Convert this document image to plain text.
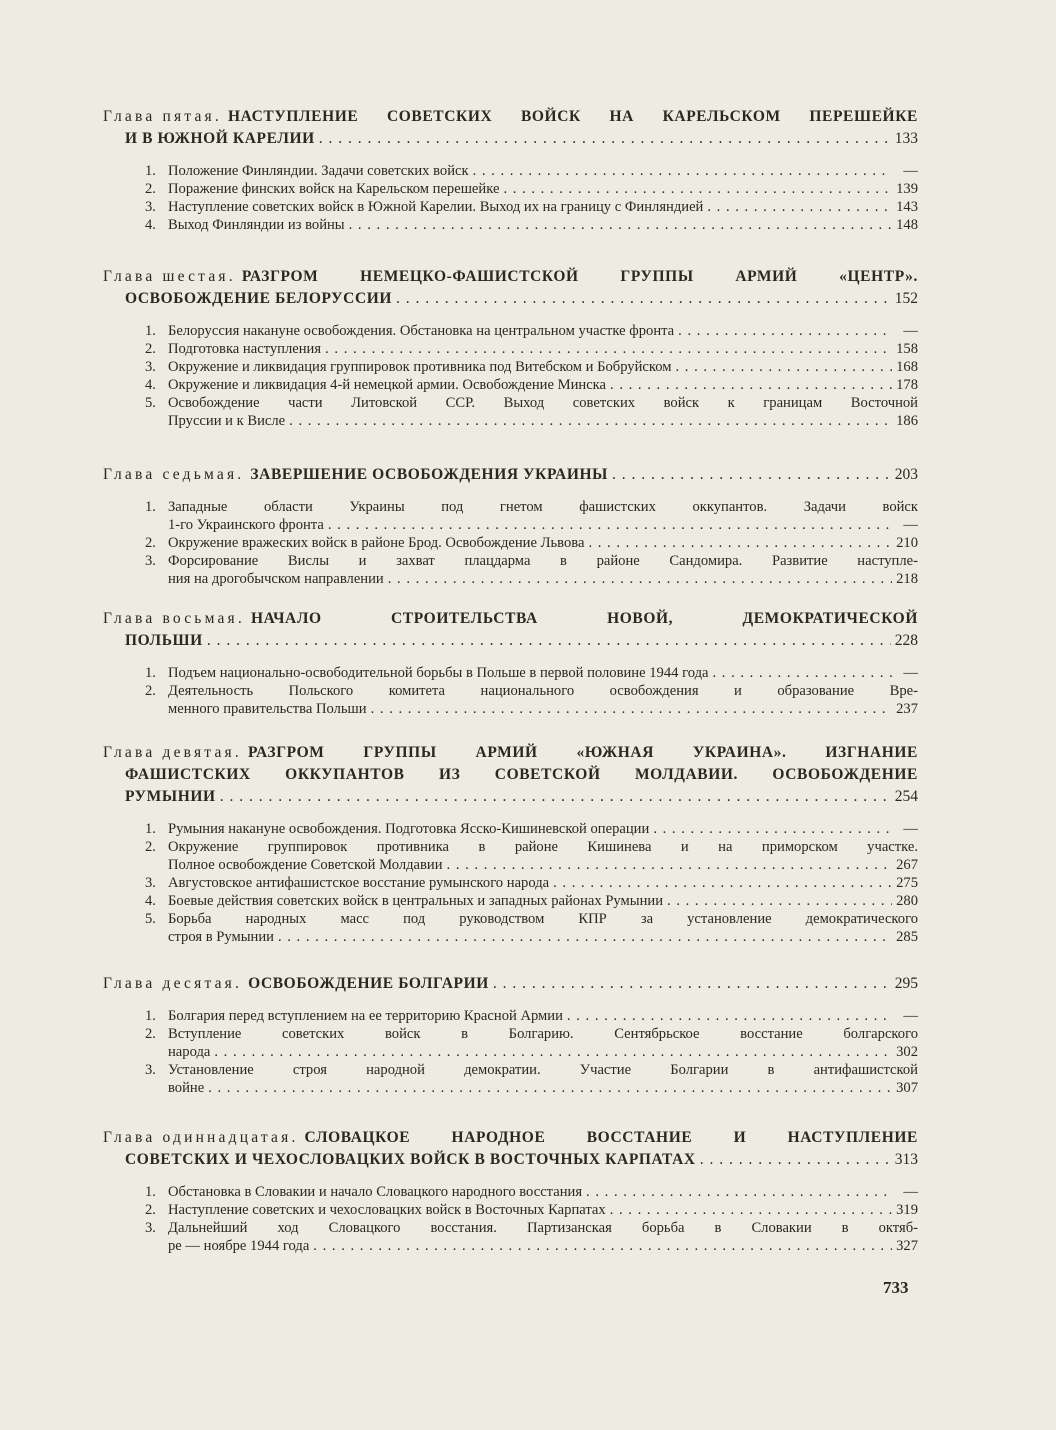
Глава пятая. НАСТУПЛЕНИЕ СОВЕТСКИХ ВОЙСК НА КАРЕЛЬСКОМ ПЕРЕШЕЙКЕ
И В ЮЖНОЙ КАРЕЛИИ . . .	133
1. Положение Финляндии. Задачи советских войск . . .	—
2. Поражение финских войск на Карельском перешейке . . .	139
3. Наступление советских войск в Южной Карелии. Выход их на границу с Финляндией . . .	143
4. Выход Финляндии из войны . . .	148
Глава шестая. РАЗГРОМ НЕМЕЦКО-ФАШИСТСКОЙ ГРУППЫ АРМИЙ «ЦЕНТР».
ОСВОБОЖДЕНИЕ БЕЛОРУССИИ . . .	152
1. Белоруссия накануне освобождения. Обстановка на центральном участке фронта . . .	—
2. Подготовка наступления . . .	158
3. Окружение и ликвидация группировок противника под Витебском и Бобруйском . . .	168
4. Окружение и ликвидация 4-й немецкой армии. Освобождение Минска . . .	178
5. Освобождение части Литовской ССР. Выход советских войск к границам Восточной
Пруссии и к Висле . . .	186
Глава седьмая. ЗАВЕРШЕНИЕ ОСВОБОЖДЕНИЯ УКРАИНЫ . . .	203
1. Западные области Украины под гнетом фашистских оккупантов. Задачи войск
1-го Украинского фронта . . .	—
2. Окружение вражеских войск в районе Брод. Освобождение Львова . . .	210
3. Форсирование Вислы и захват плацдарма в районе Сандомира. Развитие наступле-
ния на дрогобычском направлении . . .	218
Глава восьмая. НАЧАЛО СТРОИТЕЛЬСТВА НОВОЙ, ДЕМОКРАТИЧЕСКОЙ
ПОЛЬШИ . . .	228
1. Подъем национально-освободительной борьбы в Польше в первой половине 1944 года . . .	—
2. Деятельность Польского комитета национального освобождения и образование Вре-
менного правительства Польши . . .	237
Глава девятая. РАЗГРОМ ГРУППЫ АРМИЙ «ЮЖНАЯ УКРАИНА». ИЗГНАНИЕ
ФАШИСТСКИХ ОККУПАНТОВ ИЗ СОВЕТСКОЙ МОЛДАВИИ. ОСВОБОЖДЕНИЕ
РУМЫНИИ . . .	254
1. Румыния накануне освобождения. Подготовка Ясско-Кишиневской операции . . .	—
2. Окружение группировок противника в районе Кишинева и на приморском участке.
Полное освобождение Советской Молдавии . . .	267
3. Августовское антифашистское восстание румынского народа . . .	275
4. Боевые действия советских войск в центральных и западных районах Румынии . . .	280
5. Борьба народных масс под руководством КПР за установление демократического
строя в Румынии . . .	285
Глава десятая. ОСВОБОЖДЕНИЕ БОЛГАРИИ . . .	295
1. Болгария перед вступлением на ее территорию Красной Армии . . .	—
2. Вступление советских войск в Болгарию. Сентябрьское восстание болгарского
народа . . .	302
3. Установление строя народной демократии. Участие Болгарии в антифашистской
войне . . .	307
Глава одиннадцатая. СЛОВАЦКОЕ НАРОДНОЕ ВОССТАНИЕ И НАСТУПЛЕНИЕ
СОВЕТСКИХ И ЧЕХОСЛОВАЦКИХ ВОЙСК В ВОСТОЧНЫХ КАРПАТАХ . . .	313
1. Обстановка в Словакии и начало Словацкого народного восстания . . .	—
2. Наступление советских и чехословацких войск в Восточных Карпатах . . .	319
3. Дальнейший ход Словацкого восстания. Партизанская борьба в Словакии в октяб-
ре — ноябре 1944 года . . .	327
733
